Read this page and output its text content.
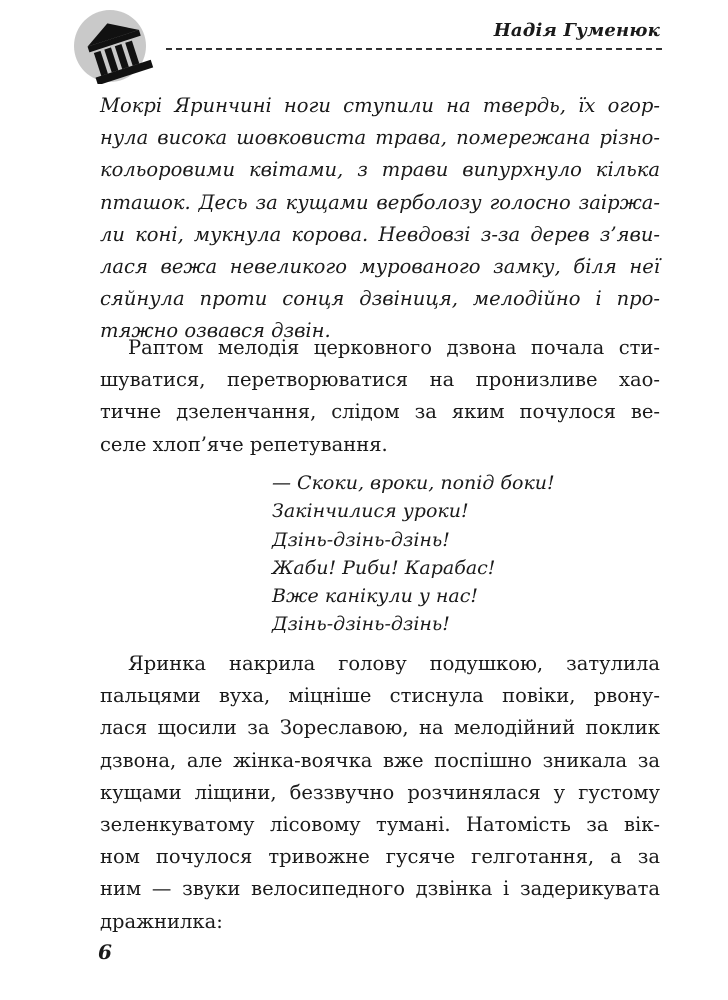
Надія Гуменюк
Мокрі Яринчині ноги ступили на твердь, їх огор-
нула висока шовковиста трава, помережана різно-
кольоровими квітами, з трави випурхнуло кілька
пташок. Десь за кущами верболозу голосно заіржа-
ли коні, мукнула корова. Невдовзі з-за дерев з’яви-
лася вежа невеликого мурованого замку, біля неї
сяйнула проти сонця дзвіниця, мелодійно і про-
тяжно озвався дзвін.
Раптом мелодія церковного дзвона почала сти-
шуватися, перетворюватися на пронизливе хао-
тичне дзеленчання, слідом за яким почулося ве-
селе хлоп’яче репетування.
— Скоки, вроки, попід боки!
Закінчилися уроки!
Дзінь-дзінь-дзінь!
Жаби! Риби! Карабас!
Вже канікули у нас!
Дзінь-дзінь-дзінь!
Яринка накрила голову подушкою, затулила
пальцями вуха, міцніше стиснула повіки, рвону-
лася щосили за Зореславою, на мелодійний поклик
дзвона, але жінка-воячка вже поспішно зникала за
кущами ліщини, беззвучно розчинялася у густому
зеленкуватому лісовому тумані. Натомість за вік-
ном почулося тривожне гусяче гелготання, а за
ним — звуки велосипедного дзвінка і задерикувата
дражнилка:
6
